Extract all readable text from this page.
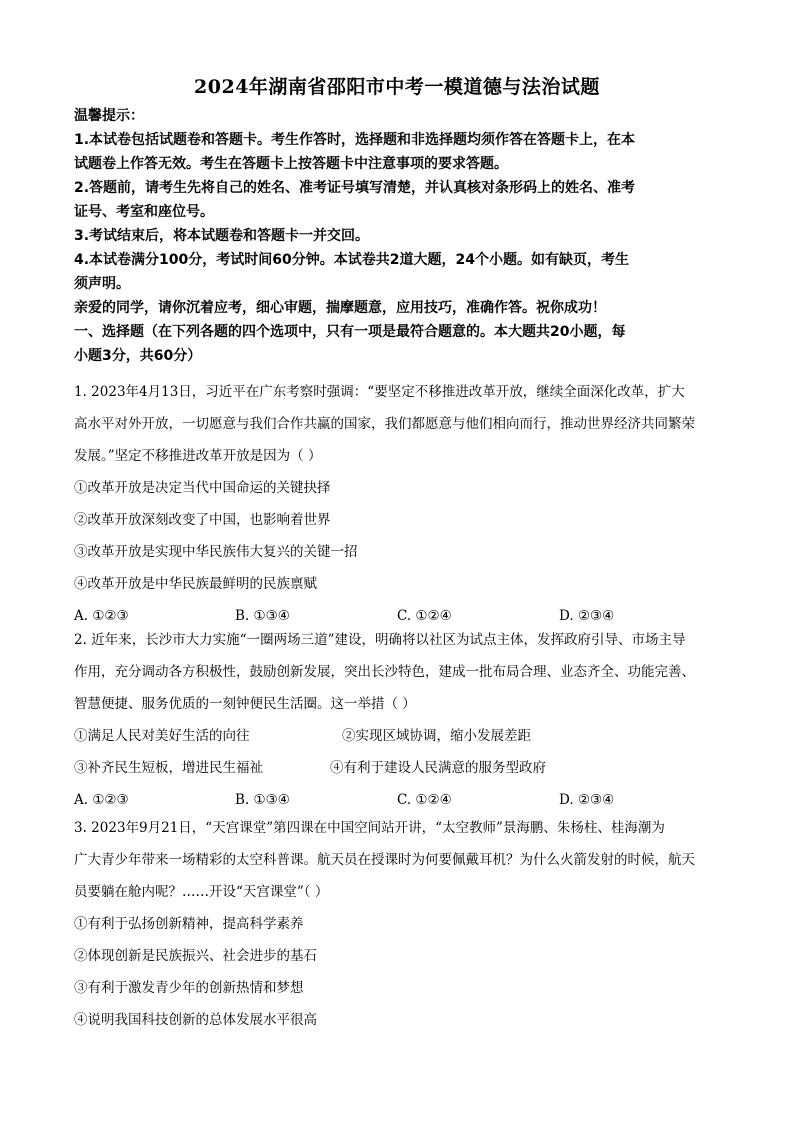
2024年湖南省邵阳市中考一模道德与法治试题
温馨提示：
1.本试卷包括试题卷和答题卡。考生作答时，选择题和非选择题均须作答在答题卡上，在本
试题卷上作答无效。考生在答题卡上按答题卡中注意事项的要求答题。
2.答题前，请考生先将自己的姓名、准考证号填写清楚，并认真核对条形码上的姓名、准考
证号、考室和座位号。
3.考试结束后，将本试题卷和答题卡一并交回。
4.本试卷满分100分，考试时间60分钟。本试卷共2道大题，24个小题。如有缺页，考生
须声明。
亲爱的同学，请你沉着应考，细心审题，揣摩题意，应用技巧，准确作答。祝你成功！
一、选择题（在下列各题的四个选项中，只有一项是最符合题意的。本大题共20小题，每
小题3分，共60分）
1. 2023年4月13日，习近平在广东考察时强调：“要坚定不移推进改革开放，继续全面深化改革，扩大
高水平对外开放，一切愿意与我们合作共赢的国家，我们都愿意与他们相向而行，推动世界经济共同繁荣
发展。”坚定不移推进改革开放是因为（ ）
①改革开放是决定当代中国命运的关键抉择
②改革开放深刻改变了中国，也影响着世界
③改革开放是实现中华民族伟大复兴的关键一招
④改革开放是中华民族最鲜明的民族禀赋
A. ①②③	B. ①③④	C. ①②④	D. ②③④
2. 近年来，长沙市大力实施“一圈两场三道”建设，明确将以社区为试点主体，发挥政府引导、市场主导
作用，充分调动各方积极性，鼓励创新发展，突出长沙特色，建成一批布局合理、业态齐全、功能完善、
智慧便捷、服务优质的一刻钟便民生活圈。这一举措（ ）
①满足人民对美好生活的向往	②实现区域协调，缩小发展差距
③补齐民生短板，增进民生福祉	④有利于建设人民满意的服务型政府
A. ①②③	B. ①③④	C. ①②④	D. ②③④
3. 2023年9月21日，“天宫课堂”第四课在中国空间站开讲，“太空教师”景海鹏、朱杨柱、桂海潮为
广大青少年带来一场精彩的太空科普课。航天员在授课时为何要佩戴耳机？为什么火箭发射的时候，航天
员要躺在舱内呢？……开设“天宫课堂”（ ）
①有利于弘扬创新精神，提高科学素养
②体现创新是民族振兴、社会进步的基石
③有利于激发青少年的创新热情和梦想
④说明我国科技创新的总体发展水平很高
